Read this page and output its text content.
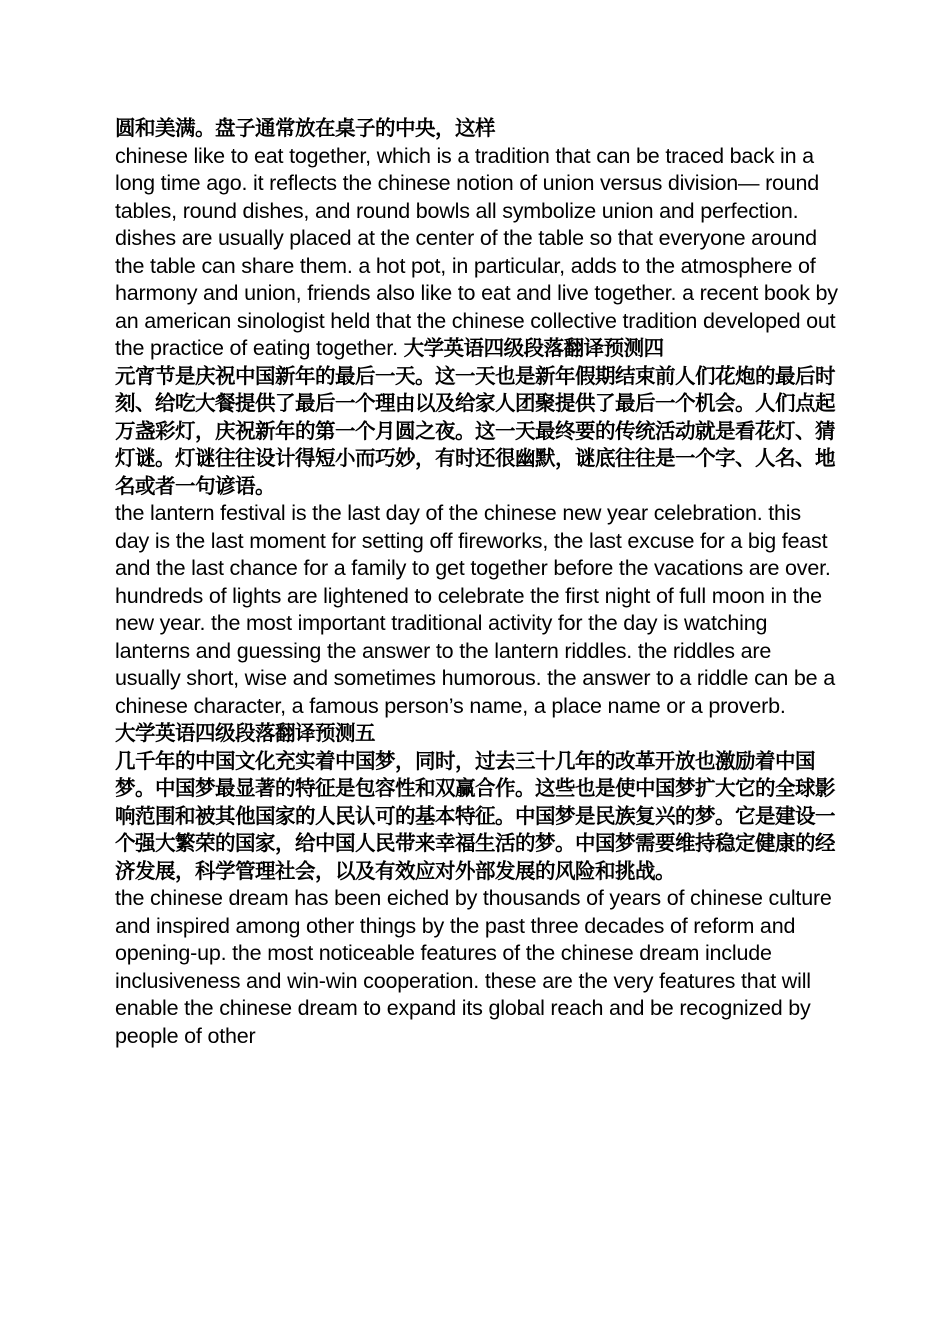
圆和美满。盘子通常放在桌子的中央，这样

chinese like to eat together, which is a tradition that can be traced back in a long time ago. it reflects the chinese notion of union versus division— round tables, round dishes, and round bowls all symbolize union and perfection. dishes are usually placed at the center of the table so that everyone around the table can share them. a hot pot, in particular, adds to the atmosphere of harmony and union, friends also like to eat and live together. a recent book by an american sinologist held that the chinese collective tradition developed out the practice of eating together. 大学英语四级段落翻译预测四

元宵节是庆祝中国新年的最后一天。这一天也是新年假期结束前人们花炮的最后时刻、给吃大餐提供了最后一个理由以及给家人团聚提供了最后一个机会。人们点起万盏彩灯，庆祝新年的第一个月圆之夜。这一天最终要的传统活动就是看花灯、猜灯谜。灯谜往往设计得短小而巧妙，有时还很幽默，谜底往往是一个字、人名、地名或者一句谚语。

the lantern festival is the last day of the chinese new year celebration. this day is the last moment for setting off fireworks, the last excuse for a big feast and the last chance for a family to get together before the vacations are over. hundreds of lights are lightened to celebrate the first night of full moon in the new year. the most important traditional activity for the day is watching lanterns and guessing the answer to the lantern riddles. the riddles are usually short, wise and sometimes humorous. the answer to a riddle can be a chinese character, a famous person’s name, a place name or a proverb.

大学英语四级段落翻译预测五

几千年的中国文化充实着中国梦，同时，过去三十几年的改革开放也激励着中国梦。中国梦最显著的特征是包容性和双赢合作。这些也是使中国梦扩大它的全球影响范围和被其他国家的人民认可的基本特征。中国梦是民族复兴的梦。它是建设一个强大繁荣的国家，给中国人民带来幸福生活的梦。中国梦需要维持稳定健康的经济发展，科学管理社会，以及有效应对外部发展的风险和挑战。

the chinese dream has been eiched by thousands of years of chinese culture and inspired among other things by the past three decades of reform and opening-up. the most noticeable features of the chinese dream include inclusiveness and win-win cooperation. these are the very features that will enable the chinese dream to expand its global reach and be recognized by people of other
